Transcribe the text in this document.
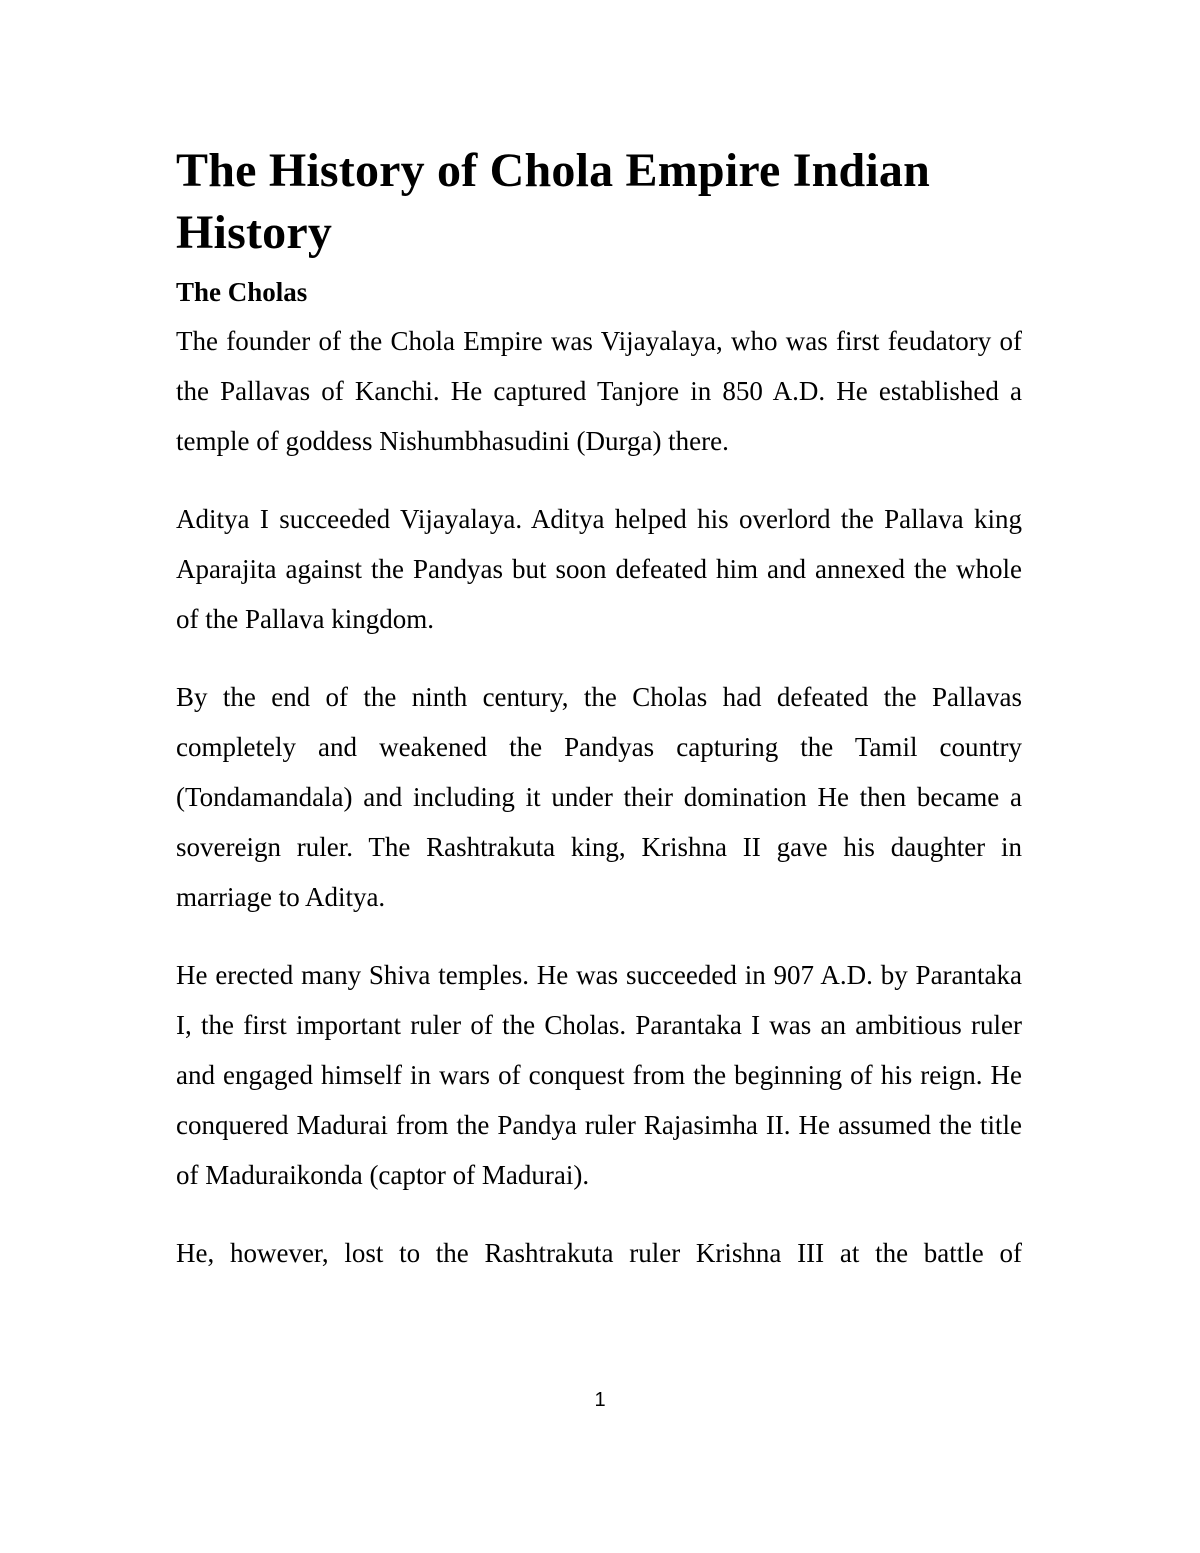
The History of Chola Empire Indian History
The Cholas

The founder of the Chola Empire was Vijayalaya, who was first feudatory of the Pallavas of Kanchi. He captured Tanjore in 850 A.D. He established a temple of goddess Nishumbhasudini (Durga) there.

Aditya I succeeded Vijayalaya. Aditya helped his overlord the Pallava king Aparajita against the Pandyas but soon defeated him and annexed the whole of the Pallava kingdom.

By the end of the ninth century, the Cholas had defeated the Pallavas completely and weakened the Pandyas capturing the Tamil country (Tondamandala) and including it under their domination He then became a sovereign ruler. The Rashtrakuta king, Krishna II gave his daughter in marriage to Aditya.

He erected many Shiva temples. He was succeeded in 907 A.D. by Parantaka I, the first important ruler of the Cholas. Parantaka I was an ambitious ruler and engaged himself in wars of conquest from the beginning of his reign. He conquered Madurai from the Pandya ruler Rajasimha II. He assumed the title of Maduraikonda (captor of Madurai).

He, however, lost to the Rashtrakuta ruler Krishna III at the battle of

1
